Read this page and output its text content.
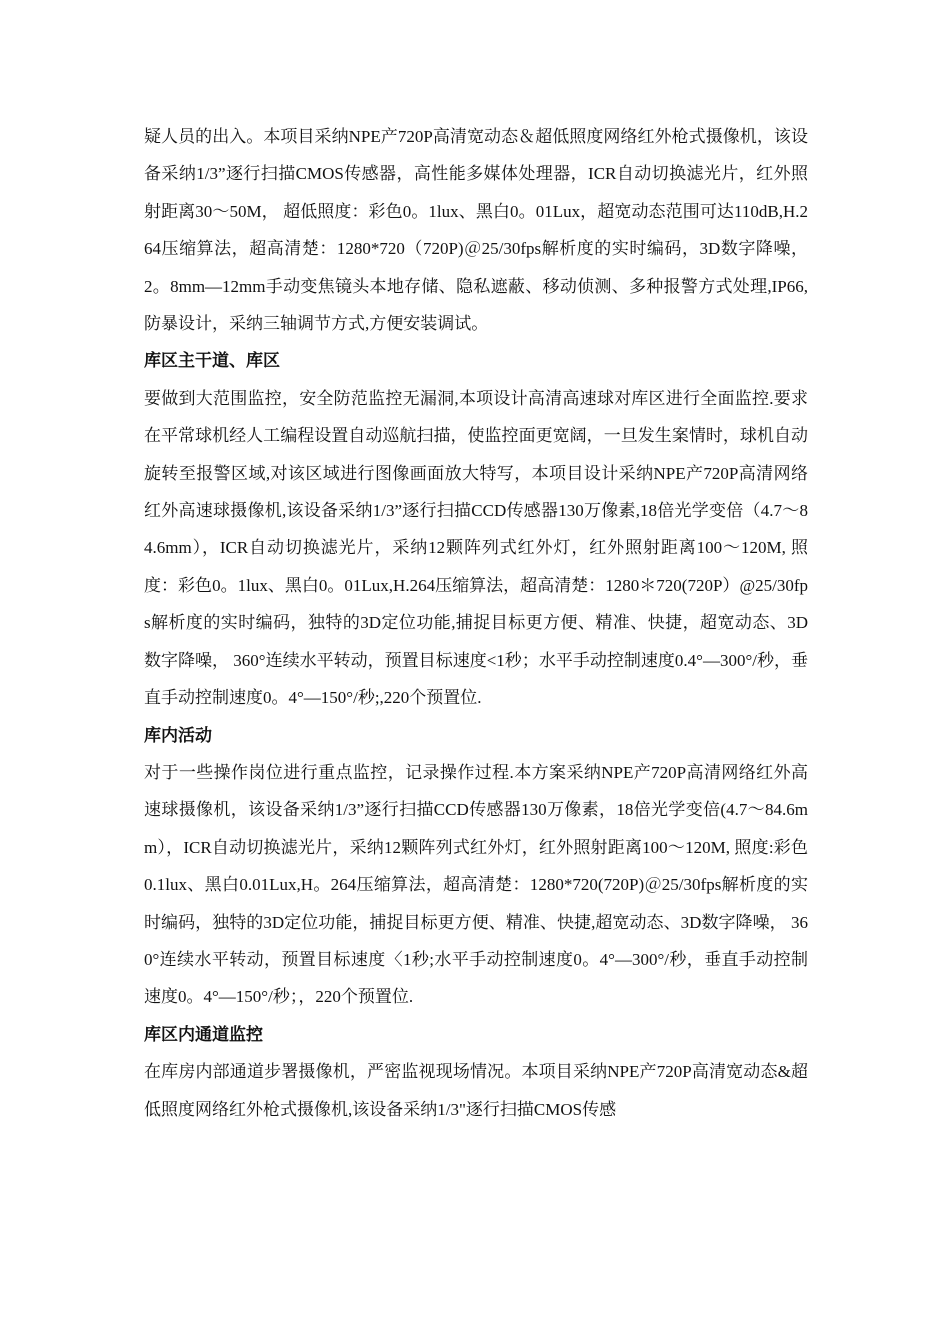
疑人员的出入。本项目采纳NPE产720P高清宽动态＆超低照度网络红外枪式摄像机，该设备采纳1/3”逐行扫描CMOS传感器，高性能多媒体处理器，ICR自动切换滤光片，红外照射距离30～50M， 超低照度：彩色0。1lux、黑白0。01Lux，超宽动态范围可达110dB,H.264压缩算法，超高清楚：1280*720（720P)＠25/30fps解析度的实时编码，3D数字降噪，2。8mm—12mm手动变焦镜头本地存储、隐私遮蔽、移动侦测、多种报警方式处理,IP66,防暴设计，采纳三轴调节方式,方便安装调试。

库区主干道、库区

要做到大范围监控，安全防范监控无漏洞,本项设计高清高速球对库区进行全面监控.要求在平常球机经人工编程设置自动巡航扫描，使监控面更宽阔，一旦发生案情时，球机自动旋转至报警区域,对该区域进行图像画面放大特写，本项目设计采纳NPE产720P高清网络红外高速球摄像机,该设备采纳1/3”逐行扫描CCD传感器130万像素,18倍光学变倍（4.7～84.6mm），ICR自动切换滤光片，采纳12颗阵列式红外灯，红外照射距离100～120M, 照度：彩色0。1lux、黑白0。01Lux,H.264压缩算法，超高清楚：1280＊720(720P）@25/30fps解析度的实时编码，独特的3D定位功能,捕捉目标更方便、精准、快捷，超宽动态、3D数字降噪， 360°连续水平转动，预置目标速度<1秒；水平手动控制速度0.4°—300°/秒，垂直手动控制速度0。4°—150°/秒;,220个预置位.

库内活动

对于一些操作岗位进行重点监控，记录操作过程.本方案采纳NPE产720P高清网络红外高速球摄像机，该设备采纳1/3”逐行扫描CCD传感器130万像素，18倍光学变倍(4.7～84.6mm），ICR自动切换滤光片，采纳12颗阵列式红外灯，红外照射距离100～120M, 照度:彩色0.1lux、黑白0.01Lux,H。264压缩算法，超高清楚：1280*720(720P)＠25/30fps解析度的实时编码，独特的3D定位功能，捕捉目标更方便、精准、快捷,超宽动态、3D数字降噪， 360°连续水平转动，预置目标速度〈1秒;水平手动控制速度0。4°—300°/秒，垂直手动控制速度0。4°—150°/秒；，220个预置位.

库区内通道监控

在库房内部通道步署摄像机，严密监视现场情况。本项目采纳NPE产720P高清宽动态&超低照度网络红外枪式摄像机,该设备采纳1/3"逐行扫描CMOS传感
